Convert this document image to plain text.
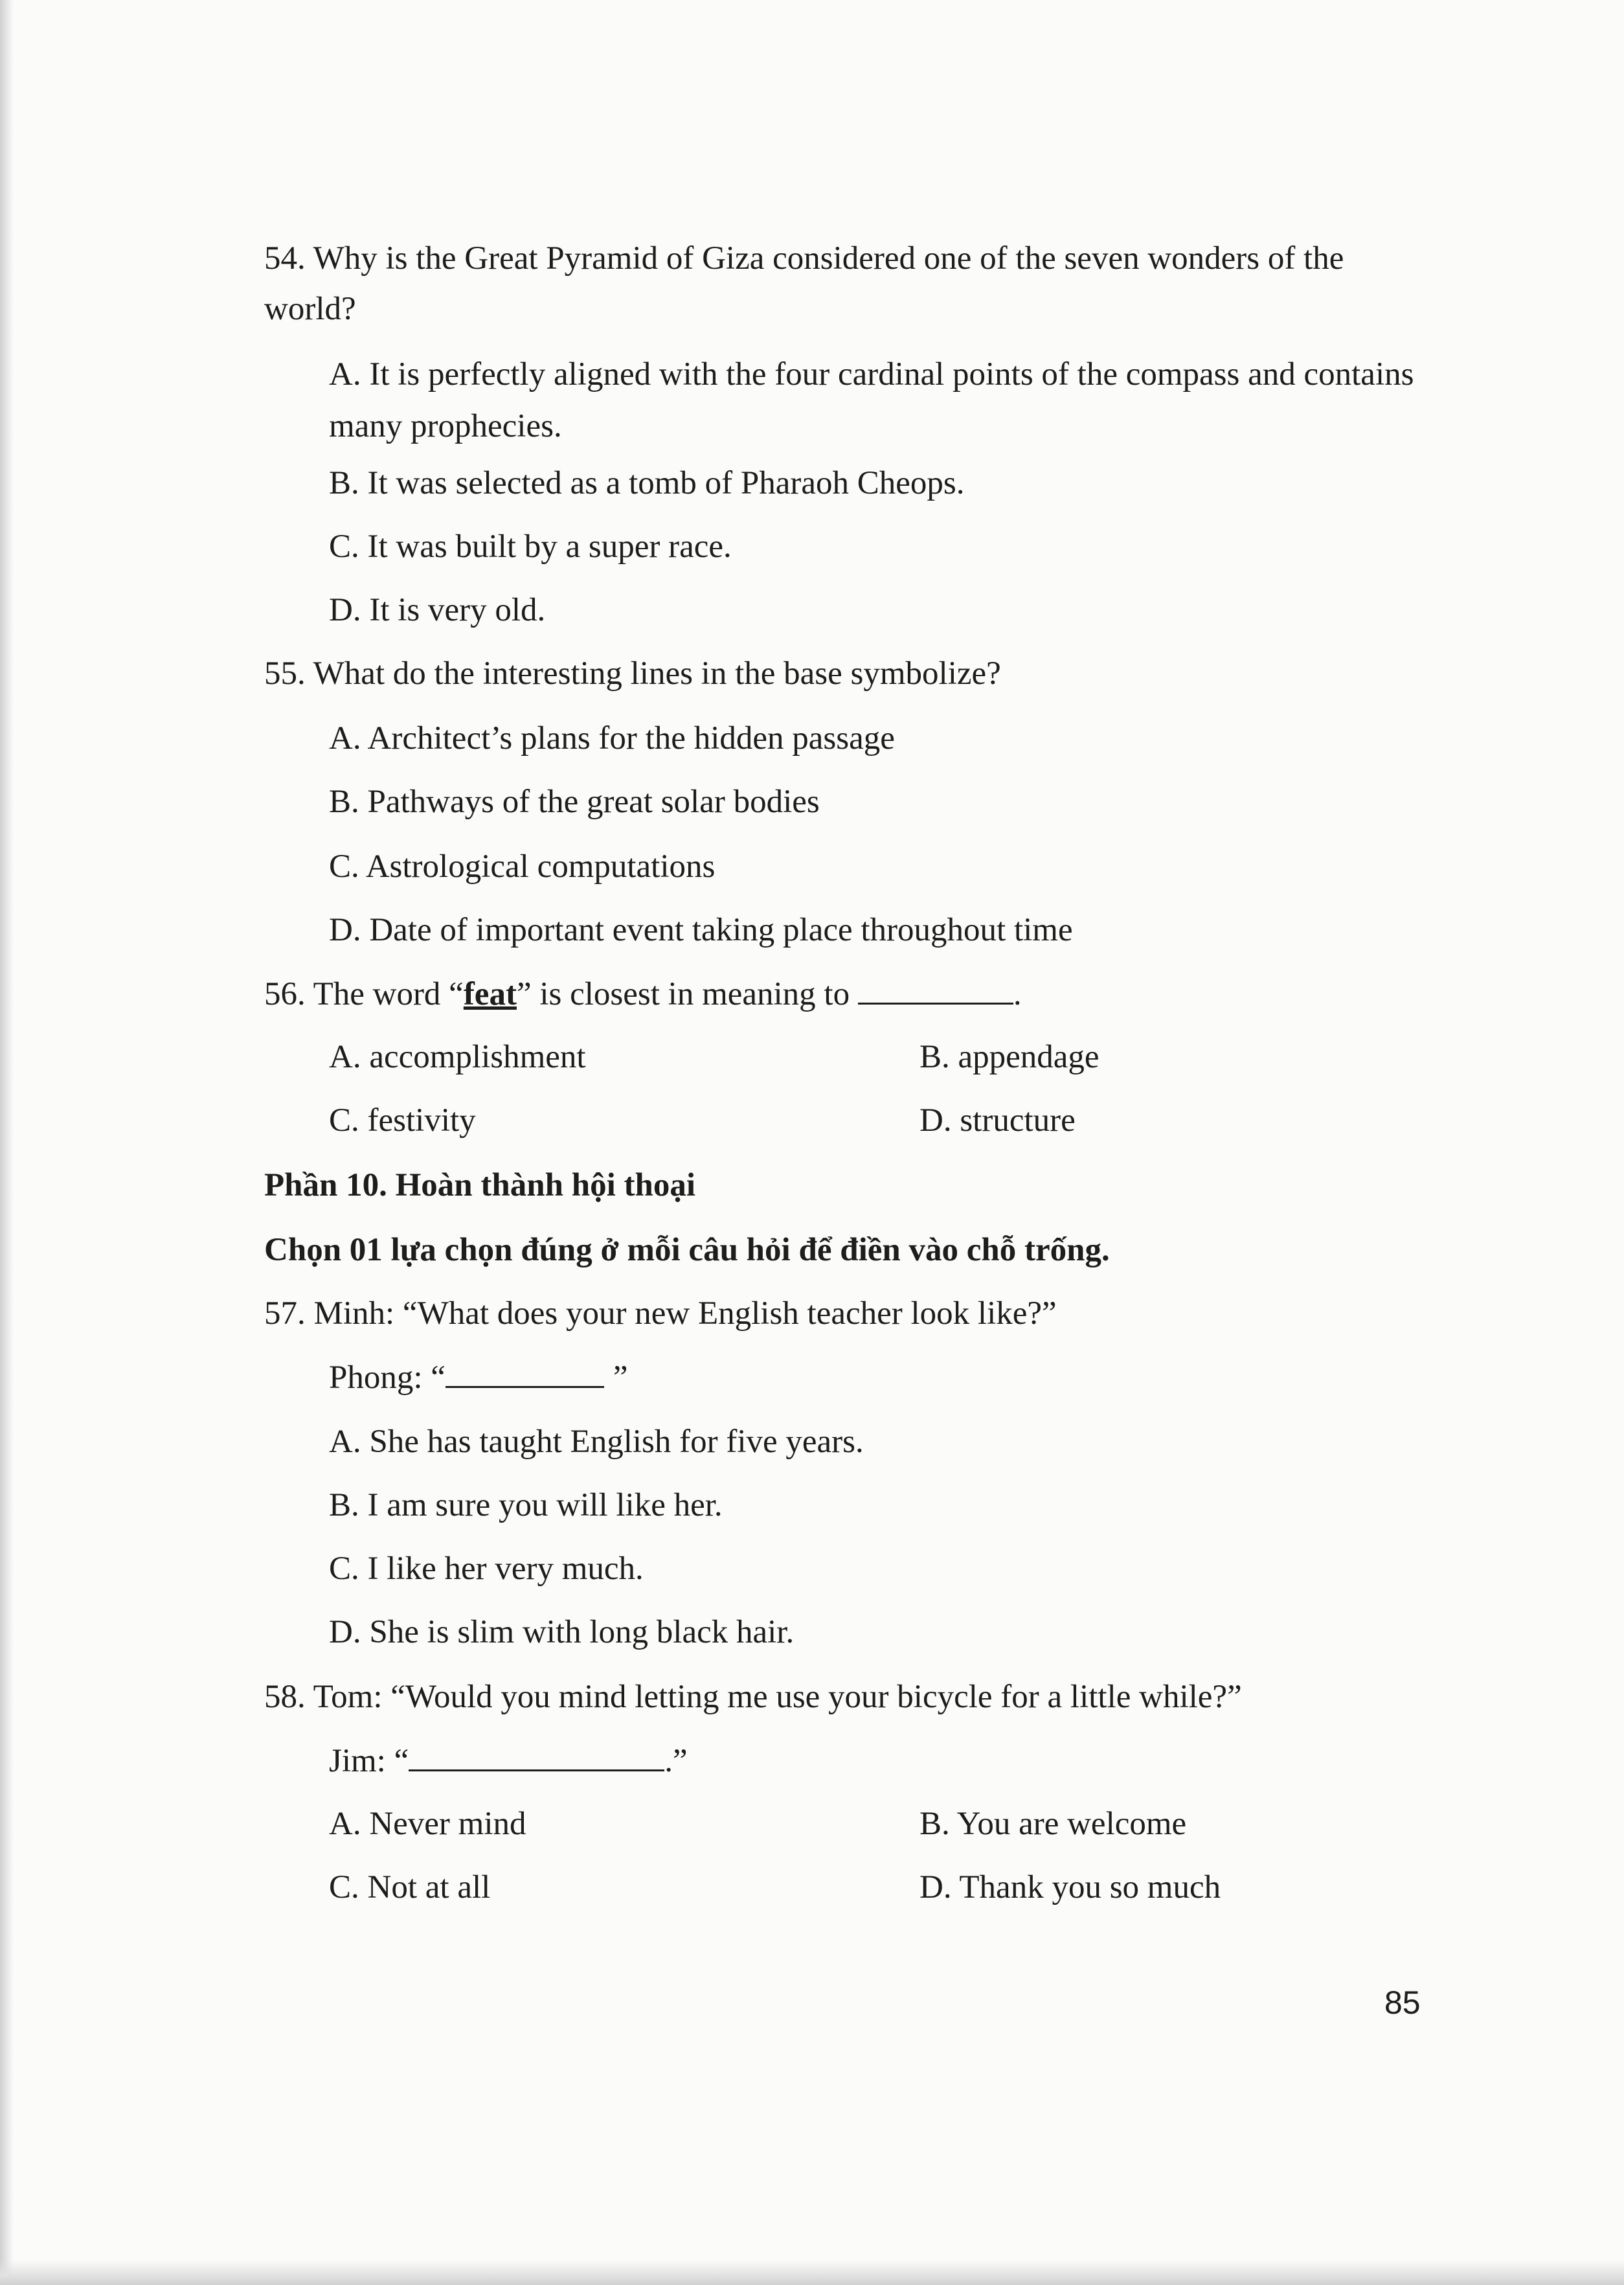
54. Why is the Great Pyramid of Giza considered one of the seven wonders of the world?
A. It is perfectly aligned with the four cardinal points of the compass and contains many prophecies.
B. It was selected as a tomb of Pharaoh Cheops.
C. It was built by a super race.
D. It is very old.
55. What do the interesting lines in the base symbolize?
A. Architect’s plans for the hidden passage
B. Pathways of the great solar bodies
C. Astrological computations
D. Date of important event taking place throughout time
56. The word “feat” is closest in meaning to	.
A. accomplishment	B. appendage
C. festivity	D. structure
Phần 10. Hoàn thành hội thoại
Chọn 01 lựa chọn đúng ở mỗi câu hỏi để điền vào chỗ trống.
57. Minh: “What does your new English teacher look like?”
Phong: “	”
A. She has taught English for five years.
B. I am sure you will like her.
C. I like her very much.
D. She is slim with long black hair.
58. Tom: “Would you mind letting me use your bicycle for a little while?”
Jim: “	.”
A. Never mind	B. You are welcome
C. Not at all	D. Thank you so much
85
